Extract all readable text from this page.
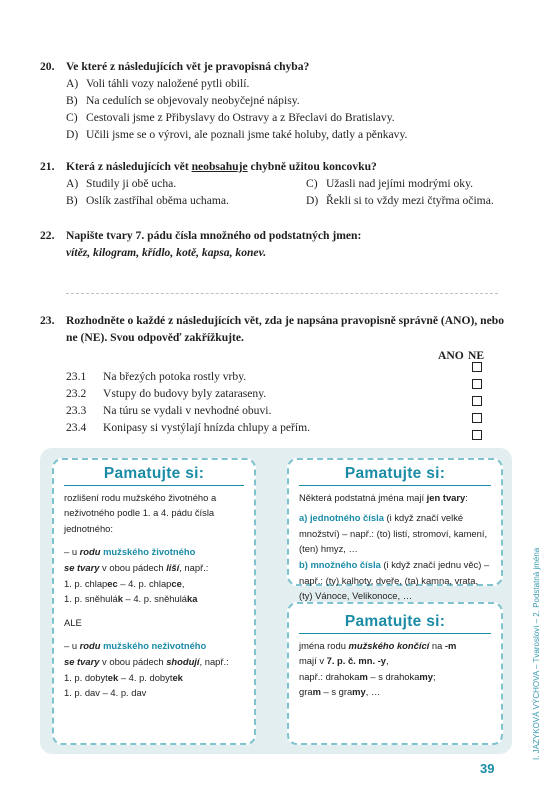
20. Ve které z následujících vět je pravopisná chyba?
A) Voli táhli vozy naložené pytli obilí.
B) Na cedulích se objevovaly neobyčejné nápisy.
C) Cestovali jsme z Přibyslavy do Ostravy a z Břeclavi do Bratislavy.
D) Učili jsme se o výrovi, ale poznali jsme také holuby, datly a pěnkavy.
21. Která z následujících vět neobsahuje chybně užitou koncovku?
A) Studily ji obě ucha.	C) Užasli nad jejími modrými oky.
B) Oslík zastříhal oběma uchama.	D) Řekli si to vždy mezi čtyřma očima.
22. Napište tvary 7. pádu čísla množného od podstatných jmen:
vítěz, kilogram, křídlo, kotě, kapsa, konev.
23. Rozhodněte o každé z následujících vět, zda je napsána pravopisně správně (ANO), nebo ne (NE). Svou odpověď zakřížkujte.
ANO NE
23.1	Na březých potoka rostly vrby.
23.2	Vstupy do budovy byly zataraseny.
23.3	Na túru se vydali v nevhodné obuvi.
23.4	Konipasy si vystýlají hnízda chlupy a peřím.
Pamatujte si:
rozlišení rodu mužského životného a neživotného podle 1. a 4. pádu čísla jednotného:
– u rodu mužského životného
se tvary v obou pádech liší, např.:
1. p. chlapec – 4. p. chlapce,
1. p. sněhulák – 4. p. sněhuláka
ALE
– u rodu mužského neživotného
se tvary v obou pádech shodují, např.:
1. p. dobytek – 4. p. dobytek
1. p. dav – 4. p. dav
Pamatujte si:
Některá podstatná jména mají jen tvary:
a) jednotného čísla (i když značí velké množství) – např.: (to) listí, stromoví, kamení, (ten) hmyz, …
b) množného čísla (i když značí jednu věc) – např.: (ty) kalhoty, dveře, (ta) kamna, vrata, (ty) Vánoce, Velikonoce, …
Pamatujte si:
jména rodu mužského končící na -m
mají v 7. p. č. mn. -y,
např.: drahokam – s drahokamy;
gram – s gramy, …	I. JAZYKOVÁ VÝCHOVA – Tvarosloví – 2. Podstatná jména
39
